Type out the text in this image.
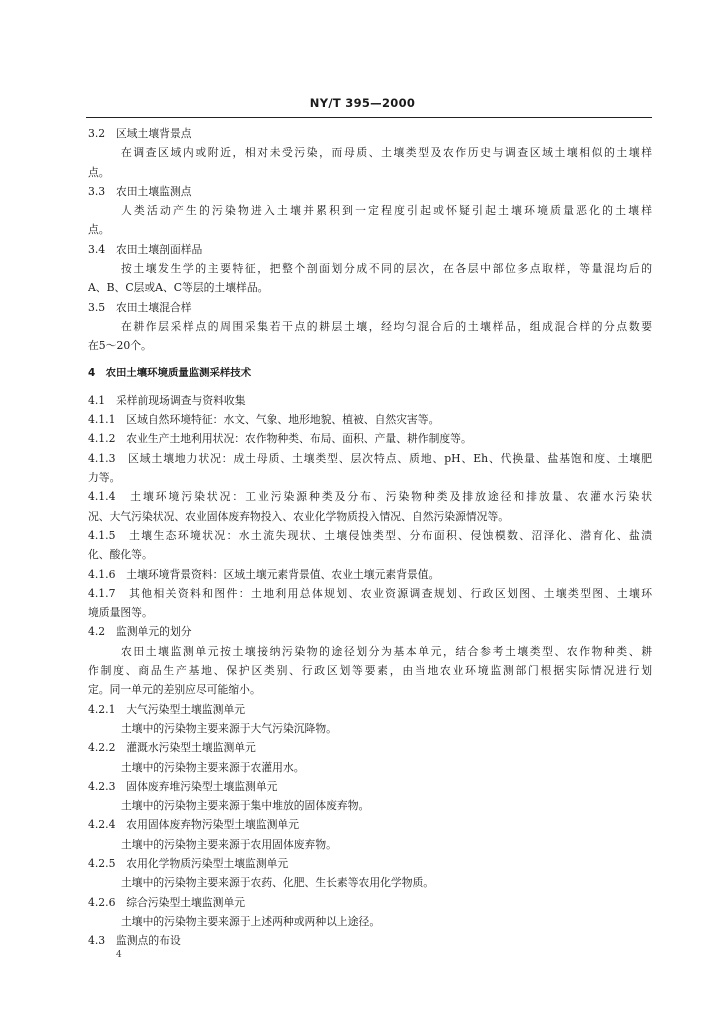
NY/T 395—2000
3.2　区域土壤背景点
在调查区域内或附近，相对未受污染，而母质、土壤类型及农作历史与调查区域土壤相似的土壤样
点。
3.3　农田土壤监测点
人类活动产生的污染物进入土壤并累积到一定程度引起或怀疑引起土壤环境质量恶化的土壤样
点。
3.4　农田土壤剖面样品
按土壤发生学的主要特征，把整个剖面划分成不同的层次，在各层中部位多点取样，等量混均后的
A、B、C层或A、C等层的土壤样品。
3.5　农田土壤混合样
在耕作层采样点的周围采集若干点的耕层土壤，经均匀混合后的土壤样品，组成混合样的分点数要
在5～20个。
4　农田土壤环境质量监测采样技术
4.1　采样前现场调查与资料收集
4.1.1　区域自然环境特征：水文、气象、地形地貌、植被、自然灾害等。
4.1.2　农业生产土地利用状况：农作物种类、布局、面积、产量、耕作制度等。
4.1.3　区域土壤地力状况：成土母质、土壤类型、层次特点、质地、pH、Eh、代换量、盐基饱和度、土壤肥
力等。
4.1.4　土壤环境污染状况：工业污染源种类及分布、污染物种类及排放途径和排放量、农灌水污染状
况、大气污染状况、农业固体废弃物投入、农业化学物质投入情况、自然污染源情况等。
4.1.5　土壤生态环境状况：水土流失现状、土壤侵蚀类型、分布面积、侵蚀模数、沼泽化、潜育化、盐渍
化、酸化等。
4.1.6　土壤环境背景资料：区域土壤元素背景值、农业土壤元素背景值。
4.1.7　其他相关资料和图件：土地利用总体规划、农业资源调查规划、行政区划图、土壤类型图、土壤环
境质量图等。
4.2　监测单元的划分
农田土壤监测单元按土壤接纳污染物的途径划分为基本单元，结合参考土壤类型、农作物种类、耕
作制度、商品生产基地、保护区类别、行政区划等要素，由当地农业环境监测部门根据实际情况进行划
定。同一单元的差别应尽可能缩小。
4.2.1　大气污染型土壤监测单元
土壤中的污染物主要来源于大气污染沉降物。
4.2.2　灌溉水污染型土壤监测单元
土壤中的污染物主要来源于农灌用水。
4.2.3　固体废弃堆污染型土壤监测单元
土壤中的污染物主要来源于集中堆放的固体废弃物。
4.2.4　农用固体废弃物污染型土壤监测单元
土壤中的污染物主要来源于农用固体废弃物。
4.2.5　农用化学物质污染型土壤监测单元
土壤中的污染物主要来源于农药、化肥、生长素等农用化学物质。
4.2.6　综合污染型土壤监测单元
土壤中的污染物主要来源于上述两种或两种以上途径。
4.3　监测点的布设
4
